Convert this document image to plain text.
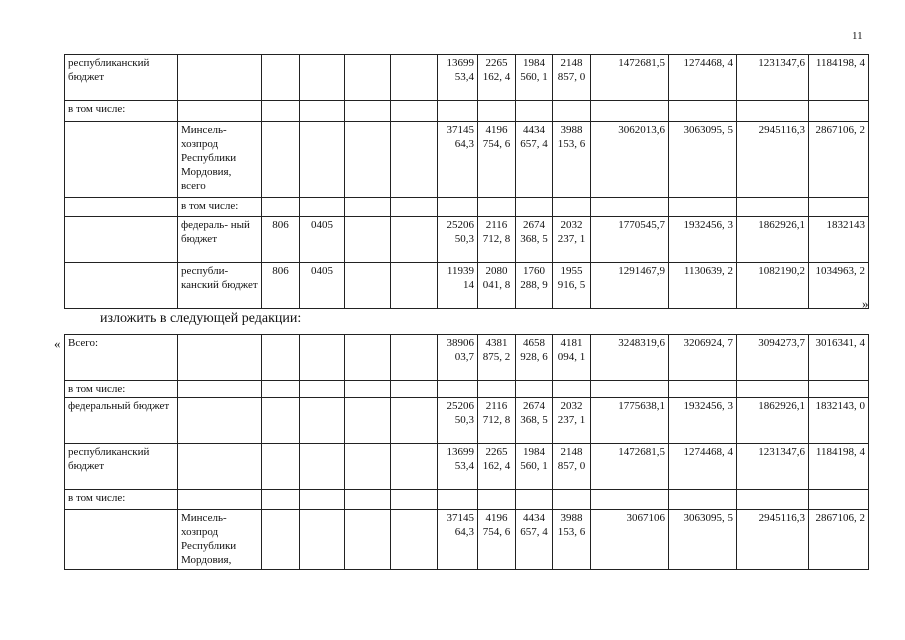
11
республиканский бюджет						13699 53,4	2265 162, 4	1984 560, 1	2148 857, 0	1472681,5	1274468, 4	1231347,6	1184198, 4
в том числе:													
	Минсель- хозпрод Республики Мордовия, всего					37145 64,3	4196 754, 6	4434 657, 4	3988 153, 6	3062013,6	3063095, 5	2945116,3	2867106, 2
	в том числе:												
	федераль- ный бюджет	806	0405			25206 50,3	2116 712, 8	2674 368, 5	2032 237, 1	1770545,7	1932456, 3	1862926,1	1832143
	республи- канский бюджет	806	0405			11939 14	2080 041, 8	1760 288, 9	1955 916, 5	1291467,9	1130639, 2	1082190,2	1034963, 2
»
изложить в следующей редакции:
« Всего:						38906 03,7	4381 875, 2	4658 928, 6	4181 094, 1	3248319,6	3206924, 7	3094273,7	3016341, 4
в том числе:													
федеральный бюджет						25206 50,3	2116 712, 8	2674 368, 5	2032 237, 1	1775638,1	1932456, 3	1862926,1	1832143, 0
республиканский бюджет						13699 53,4	2265 162, 4	1984 560, 1	2148 857, 0	1472681,5	1274468, 4	1231347,6	1184198, 4
в том числе:													
	Минсель- хозпрод Республики Мордовия,					37145 64,3	4196 754, 6	4434 657, 4	3988 153, 6	3067106	3063095, 5	2945116,3	2867106, 2
